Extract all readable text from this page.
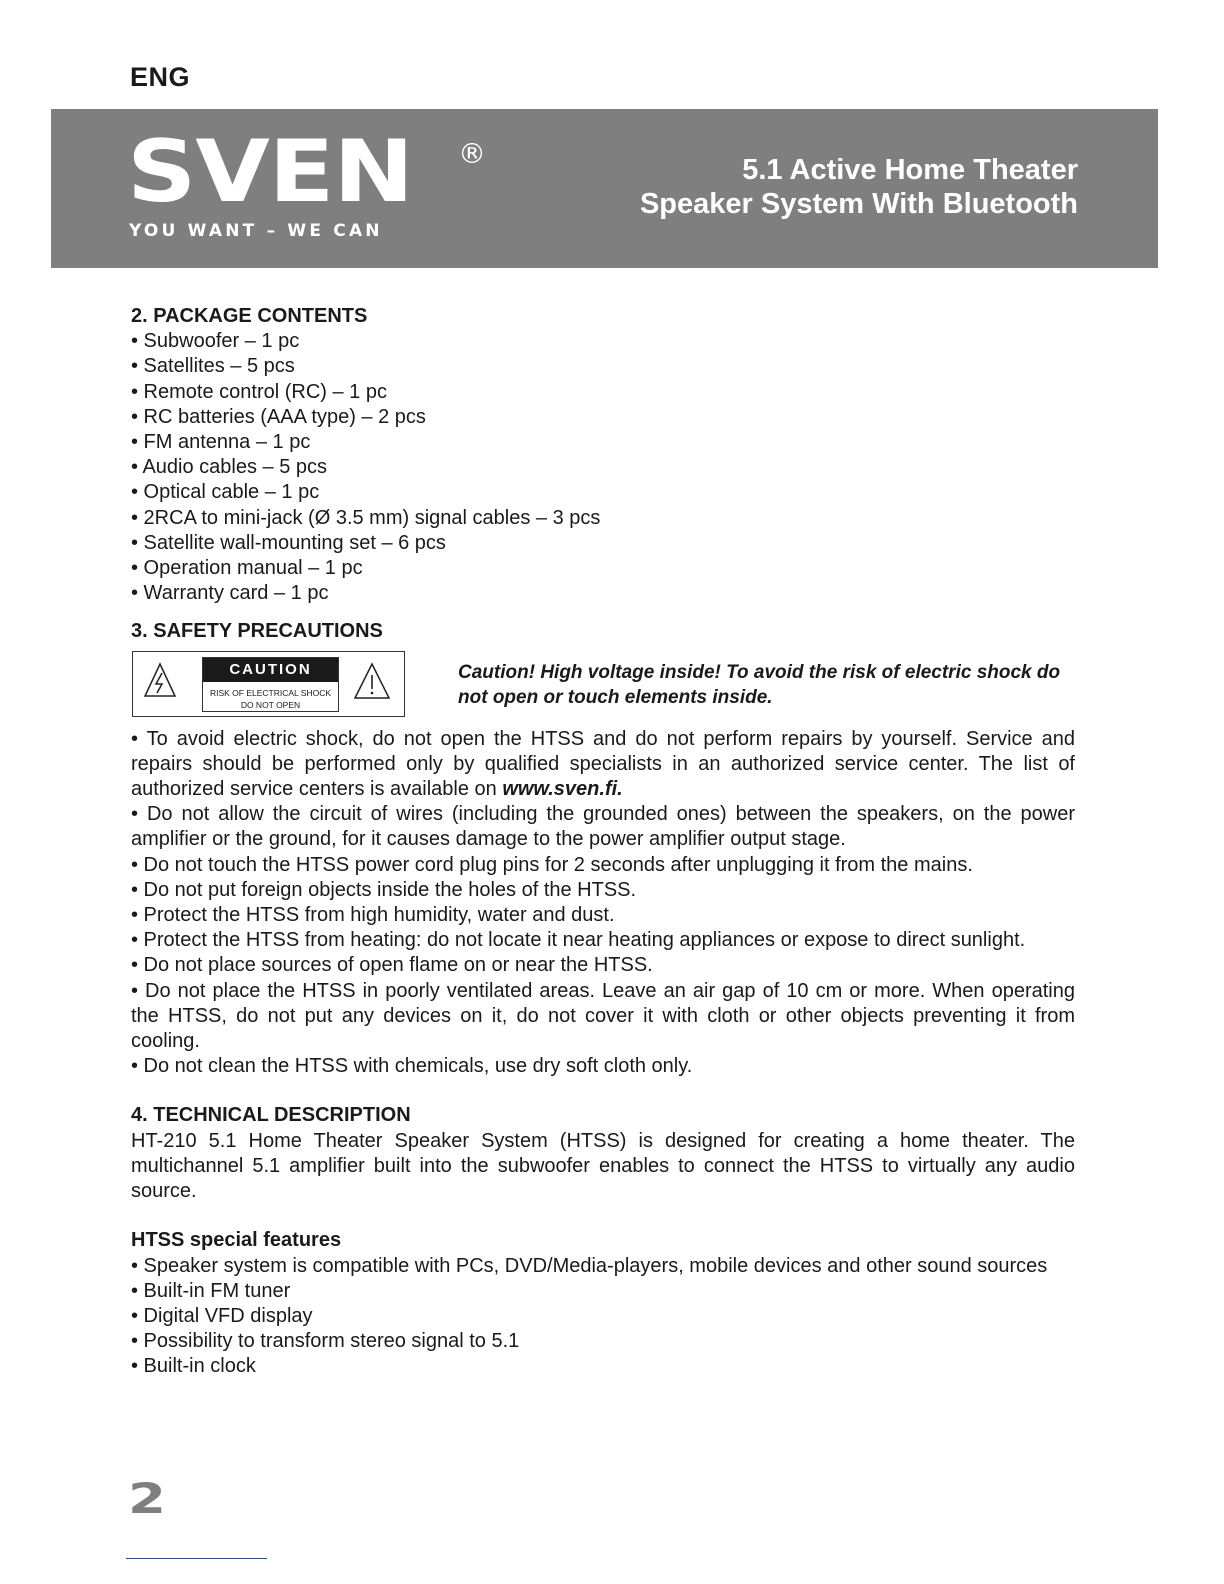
ENG
SVEN ®
YOU WANT – WE CAN
5.1 Active Home Theater
Speaker System With Bluetooth
2. PACKAGE CONTENTS
• Subwoofer – 1 pc
• Satellites – 5 pcs
• Remote control (RC) – 1 pc
• RC batteries (AAA type) – 2 pcs
• FM antenna – 1 pc
• Audio cables – 5 pcs
• Optical cable – 1 pc
• 2RCA to mini-jack (Ø 3.5 mm) signal cables – 3 pcs
• Satellite wall-mounting set – 6 pcs
• Operation manual – 1 pc
• Warranty card – 1 pc
3. SAFETY PRECAUTIONS
CAUTION
RISK OF ELECTRICAL SHOCK
DO NOT OPEN
Caution! High voltage inside! To avoid the risk of electric shock do not open or touch elements inside.

• To avoid electric shock, do not open the HTSS and do not perform repairs by yourself. Service and repairs should be performed only by qualified specialists in an authorized service center. The list of authorized service centers is available on www.sven.fi.

• Do not allow the circuit of wires (including the grounded ones) between the speakers, on the power amplifier or the ground, for it causes damage to the power amplifier output stage.

• Do not touch the HTSS power cord plug pins for 2 seconds after unplugging it from the mains.

• Do not put foreign objects inside the holes of the HTSS.

• Protect the HTSS from high humidity, water and dust.

• Protect the HTSS from heating: do not locate it near heating appliances or expose to direct sunlight.

• Do not place sources of open flame on or near the HTSS.

• Do not place the HTSS in poorly ventilated areas. Leave an air gap of 10 cm or more. When operating the HTSS, do not put any devices on it, do not cover it with cloth or other objects preventing it from cooling.

• Do not clean the HTSS with chemicals, use dry soft cloth only.

4. TECHNICAL DESCRIPTION

HT-210 5.1 Home Theater Speaker System (HTSS) is designed for creating a home theater. The multichannel 5.1 amplifier built into the subwoofer enables to connect the HTSS to virtually any audio source.

HTSS special features
• Speaker system is compatible with PCs, DVD/Media-players, mobile devices and other sound sources
• Built-in FM tuner
• Digital VFD display
• Possibility to transform stereo signal to 5.1
• Built-in clock
2
